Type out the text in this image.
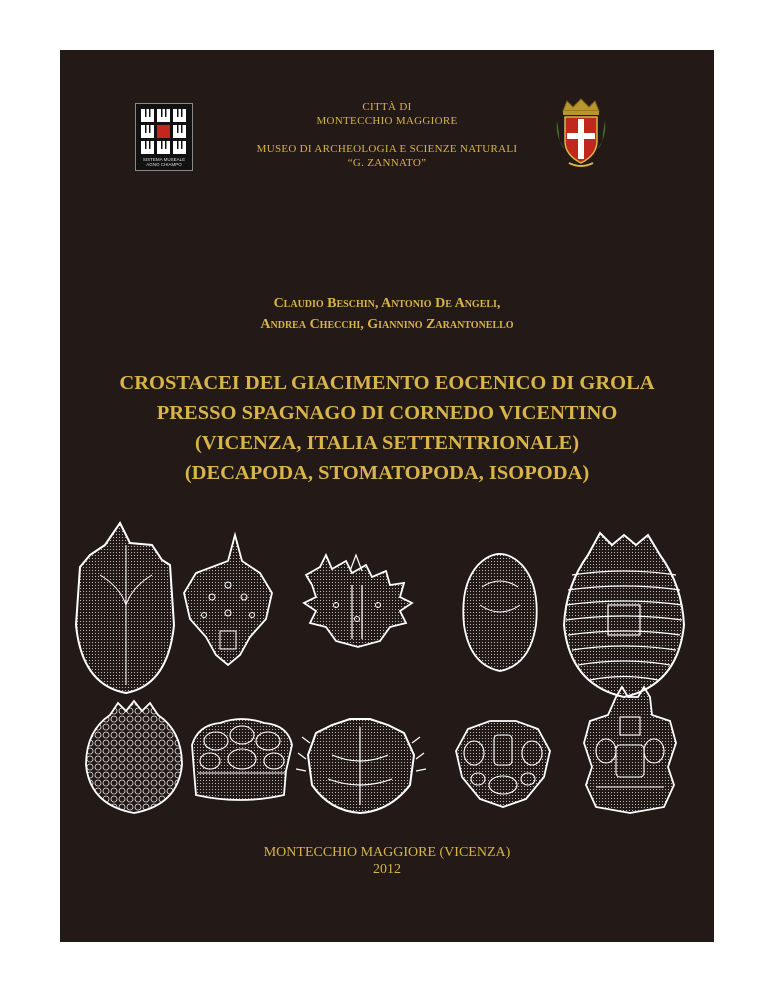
SISTEMA MUSEALE
AGNO CHIAMPO
CITTÀ DI
MONTECCHIO MAGGIORE
MUSEO DI ARCHEOLOGIA E SCIENZE NATURALI
“G. ZANNATO”
Claudio Beschin, Antonio De Angeli,
Andrea Checchi, Giannino Zarantonello
CROSTACEI DEL GIACIMENTO EOCENICO DI GROLA
PRESSO SPAGNAGO DI CORNEDO VICENTINO
(VICENZA, ITALIA SETTENTRIONALE)
(DECAPODA, STOMATOPODA, ISOPODA)
MONTECCHIO MAGGIORE (VICENZA)
2012
